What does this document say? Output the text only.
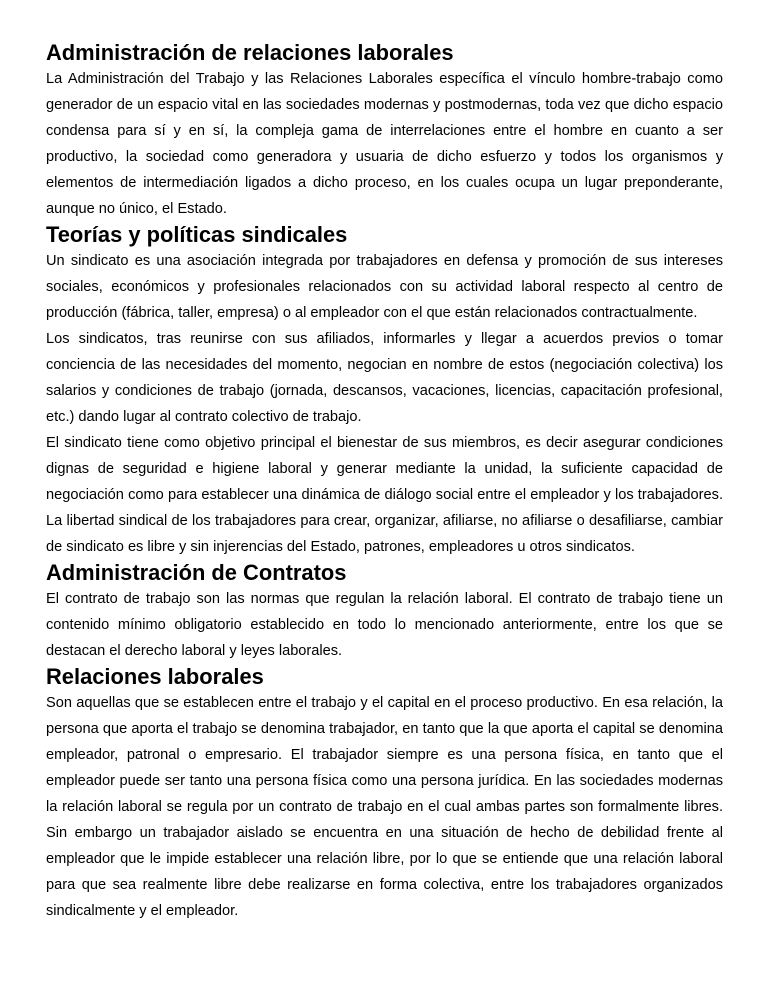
Administración de relaciones laborales

La Administración del Trabajo y las Relaciones Laborales específica el vínculo hombre-trabajo como generador de un espacio vital en las sociedades modernas y postmodernas, toda vez que dicho espacio condensa para sí y en sí, la compleja gama de interrelaciones entre el hombre en cuanto a ser productivo, la sociedad como generadora y usuaria de dicho esfuerzo y todos los organismos y elementos de intermediación ligados a dicho proceso, en los cuales ocupa un lugar preponderante, aunque no único, el Estado.

Teorías y políticas sindicales

Un sindicato es una asociación integrada por trabajadores en defensa y promoción de sus intereses sociales, económicos y profesionales relacionados con su actividad laboral respecto al centro de producción (fábrica, taller, empresa) o al empleador con el que están relacionados contractualmente.

Los sindicatos, tras reunirse con sus afiliados, informarles y llegar a acuerdos previos o tomar conciencia de las necesidades del momento, negocian en nombre de estos (negociación colectiva) los salarios y condiciones de trabajo (jornada, descansos, vacaciones, licencias, capacitación profesional, etc.) dando lugar al contrato colectivo de trabajo.

El sindicato tiene como objetivo principal el bienestar de sus miembros, es decir asegurar condiciones dignas de seguridad e higiene laboral y generar mediante la unidad, la suficiente capacidad de negociación como para establecer una dinámica de diálogo social entre el empleador y los trabajadores. La libertad sindical de los trabajadores para crear, organizar, afiliarse, no afiliarse o desafiliarse, cambiar de sindicato es libre y sin injerencias del Estado, patrones, empleadores u otros sindicatos.

Administración de Contratos

El contrato de trabajo son las normas que regulan la relación laboral. El contrato de trabajo tiene un contenido mínimo obligatorio establecido en todo lo mencionado anteriormente, entre los que se destacan el derecho laboral y leyes laborales.

Relaciones laborales

Son aquellas que se establecen entre el trabajo y el capital en el proceso productivo. En esa relación, la persona que aporta el trabajo se denomina trabajador, en tanto que la que aporta el capital se denomina empleador, patronal o empresario. El trabajador siempre es una persona física, en tanto que el empleador puede ser tanto una persona física como una persona jurídica. En las sociedades modernas la relación laboral se regula por un contrato de trabajo en el cual ambas partes son formalmente libres. Sin embargo un trabajador aislado se encuentra en una situación de hecho de debilidad frente al empleador que le impide establecer una relación libre, por lo que se entiende que una relación laboral para que sea realmente libre debe realizarse en forma colectiva, entre los trabajadores organizados sindicalmente y el empleador.
